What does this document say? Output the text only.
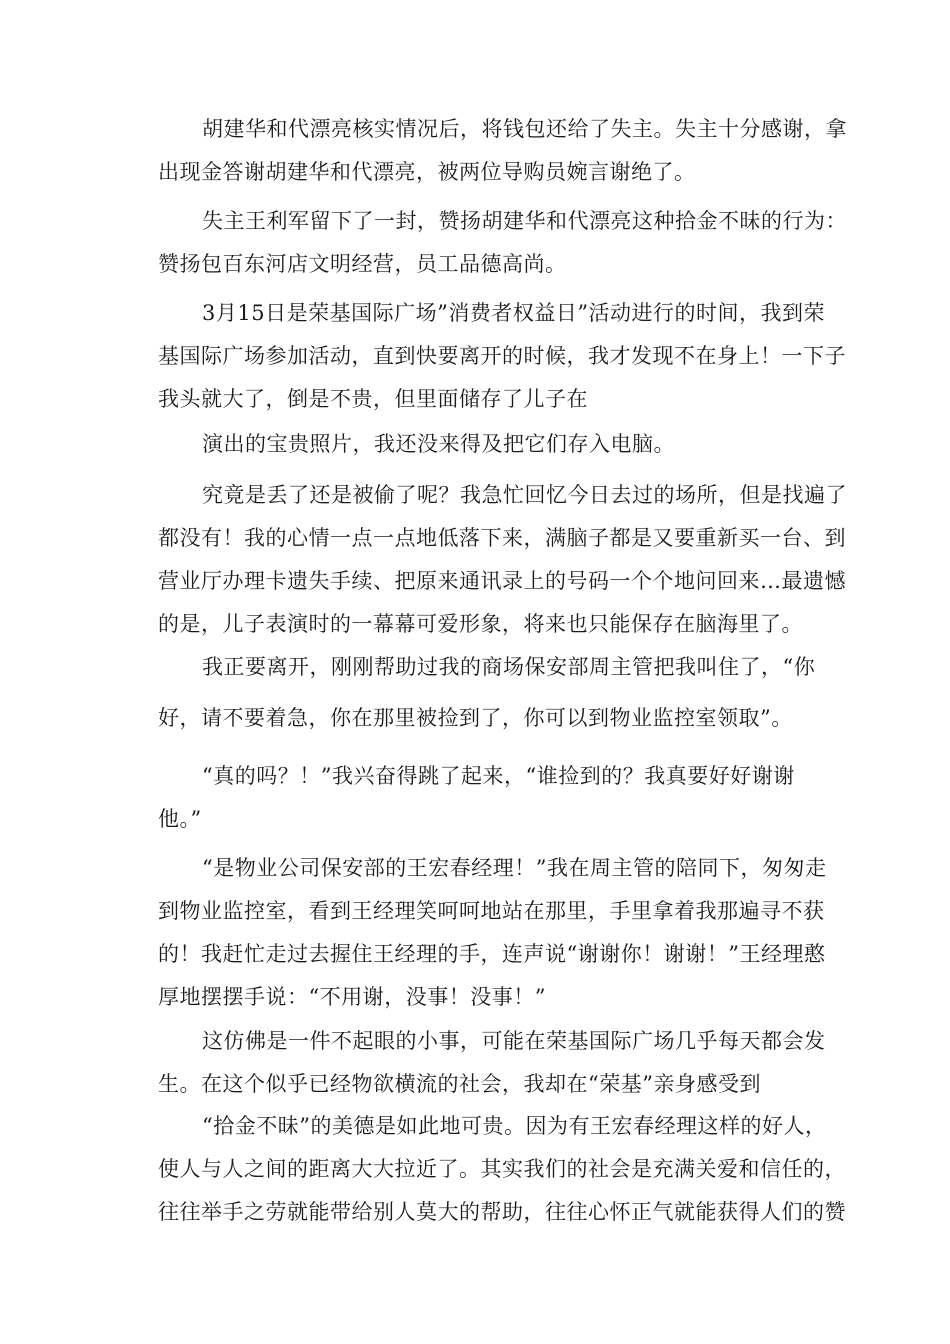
胡建华和代漂亮核实情况后，将钱包还给了失主。失主十分感谢，拿
出现金答谢胡建华和代漂亮，被两位导购员婉言谢绝了。

失主王利军留下了一封，赞扬胡建华和代漂亮这种拾金不昧的行为：
赞扬包百东河店文明经营，员工品德高尚。

3月15日是荣基国际广场”消费者权益日”活动进行的时间，我到荣
基国际广场参加活动，直到快要离开的时候，我才发现不在身上！一下子
我头就大了，倒是不贵，但里面储存了儿子在

演出的宝贵照片，我还没来得及把它们存入电脑。

究竟是丢了还是被偷了呢？我急忙回忆今日去过的场所，但是找遍了
都没有！我的心情一点一点地低落下来，满脑子都是又要重新买一台、到
营业厅办理卡遗失手续、把原来通讯录上的号码一个个地问回来…最遗憾
的是，儿子表演时的一幕幕可爱形象，将来也只能保存在脑海里了。

我正要离开，刚刚帮助过我的商场保安部周主管把我叫住了，“你

好，请不要着急，你在那里被捡到了，你可以到物业监控室领取”。

“真的吗？！”我兴奋得跳了起来，“谁捡到的？我真要好好谢谢
他。”

“是物业公司保安部的王宏春经理！”我在周主管的陪同下，匆匆走
到物业监控室，看到王经理笑呵呵地站在那里，手里拿着我那遍寻不获
的！我赶忙走过去握住王经理的手，连声说“谢谢你！谢谢！”王经理憨
厚地摆摆手说：“不用谢，没事！没事！”

这仿佛是一件不起眼的小事，可能在荣基国际广场几乎每天都会发
生。在这个似乎已经物欲横流的社会，我却在“荣基”亲身感受到

“拾金不昧”的美德是如此地可贵。因为有王宏春经理这样的好人，
使人与人之间的距离大大拉近了。其实我们的社会是充满关爱和信任的，
往往举手之劳就能带给别人莫大的帮助，往往心怀正气就能获得人们的赞
